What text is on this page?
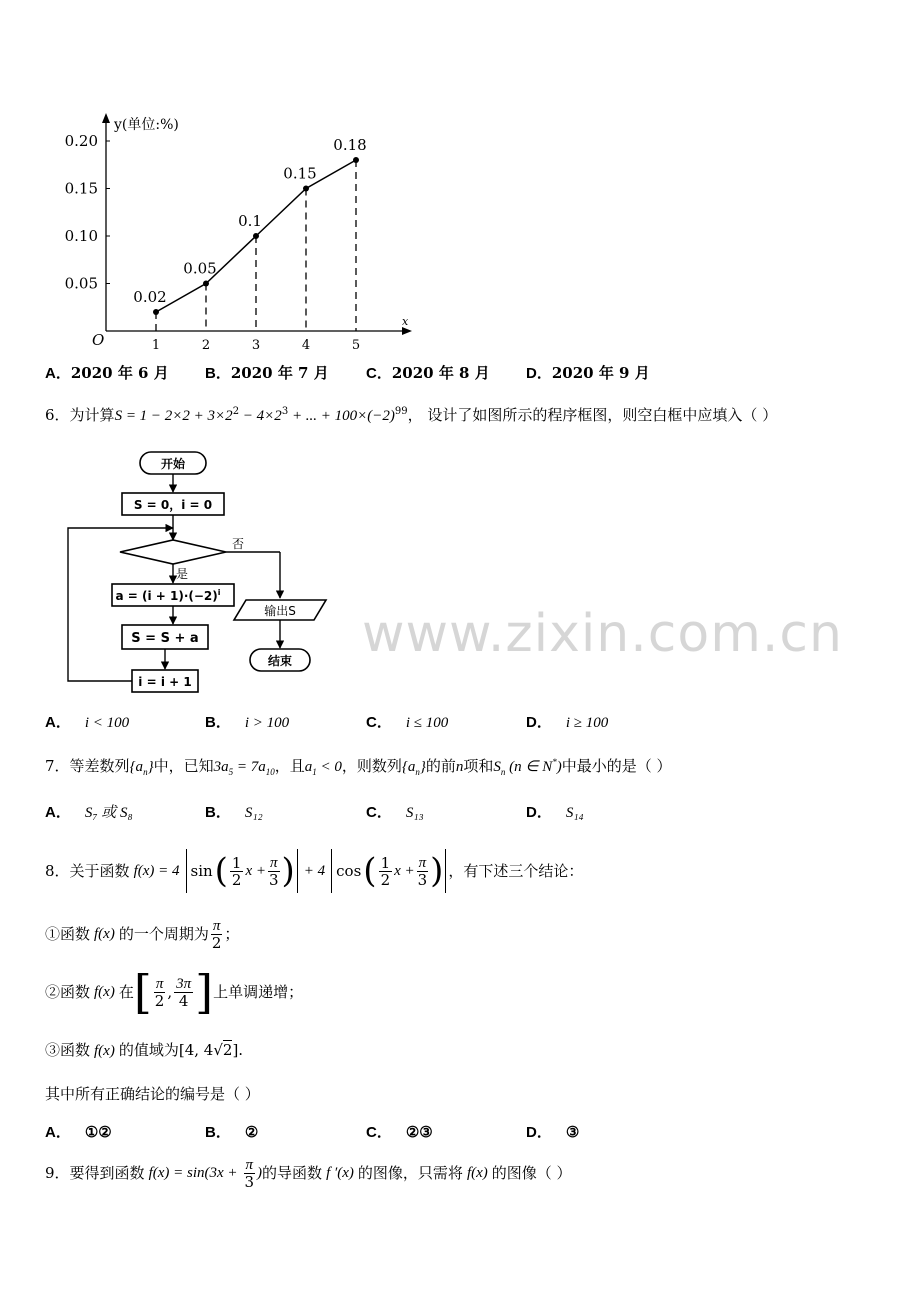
0.20
0.15
0.10
0.05
1	2	3	4	5
O
x
y(单位:%)
0.02
0.05
0.1
0.15
0.18
A．2020 年 6 月 B．2020 年 7 月 C．2020 年 8 月 D．2020 年 9 月
6．为计算$S = 1 - 2\times 2 + 3\times 2^2 - 4\times 2^3$ + ... + $100\times(-2)^{99}$， 设计了如图所示的程序框图，则空白框中应填入（ ）
开始
S = 0，i = 0
否
是
$a = (i + 1)\cdot(-2)^i$
S = S + a
i = i + 1
输出S
结束 www.zixin.com.cn
A． i < 100	B． i > 100	C． i ≤ 100	D． i ≥ 100
7．等差数列$\{a_n\}$中，已知$3a_5 = 7a_{10}$，且$a_1 < 0$，则数列$\{a_n\}$的前n项和$S_n$ (n ∈ N*)中最小的是（ ）
A． S₇ 或 S₈	B． S₁₂	C． S₁₃	D． S₁₄
8． 关于函数 f(x) = 4 sin ( $\frac{1}{2}$ $x + \frac{\pi}{3}$ ) + 4 cos ( $\frac{1}{2}$ $x + \frac{\pi}{3}$ ) ，有下述三个结论：
①函数 f(x) 的一个周期为 $\frac{\pi}{2}$ ；
②函数 f(x) 在 [ $\frac{\pi}{2}$ , $\frac{3\pi}{4}$ ] 上单调递增；
③函数 f(x) 的值域为[4, 4√2].
其中所有正确结论的编号是（ ）
A． ①②	B． ②	C． ②③	D． ③
9． 要得到函数 $f(x) = \sin(3x + \frac{\pi}{3}$ ) 的导函数 f ′(x) 的图像，只需将 f(x) 的图像（ ）
